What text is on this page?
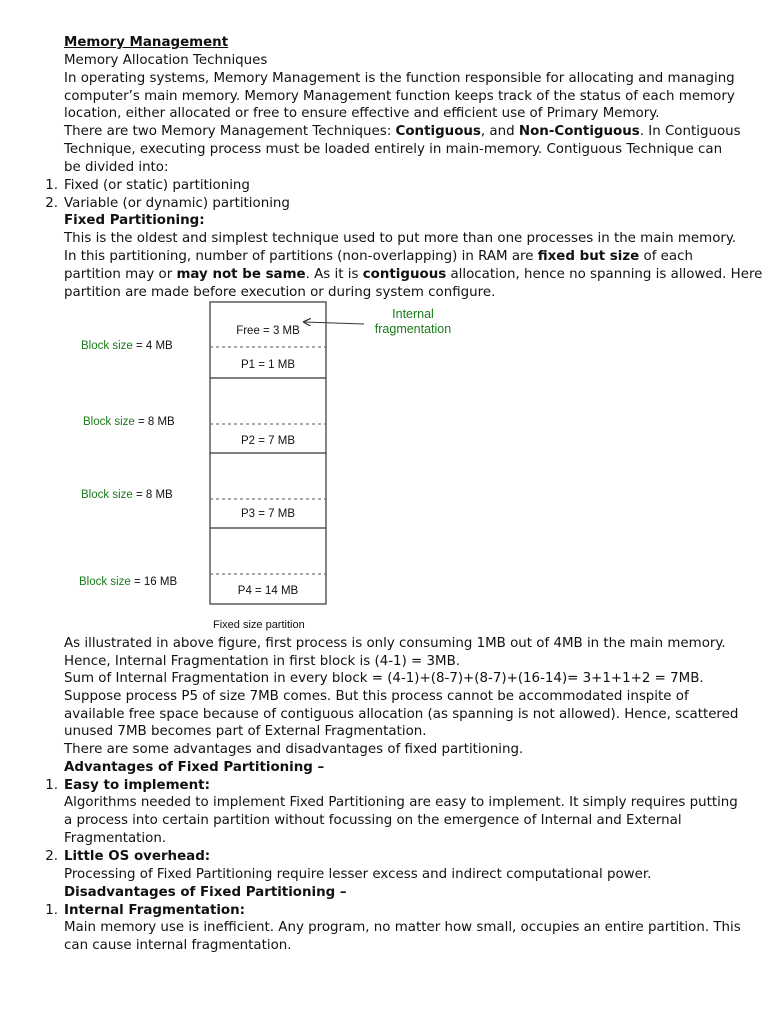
Memory Management
Memory Allocation Techniques
In operating systems, Memory Management is the function responsible for allocating and managing
computer’s main memory. Memory Management function keeps track of the status of each memory
location, either allocated or free to ensure effective and efficient use of Primary Memory.
There are two Memory Management Techniques: Contiguous, and Non-Contiguous. In Contiguous
Technique, executing process must be loaded entirely in main-memory. Contiguous Technique can
be divided into:
1. Fixed (or static) partitioning
2. Variable (or dynamic) partitioning
Fixed Partitioning:
This is the oldest and simplest technique used to put more than one processes in the main memory.
In this partitioning, number of partitions (non-overlapping) in RAM are fixed but size of each
partition may or may not be same. As it is contiguous allocation, hence no spanning is allowed. Here
partition are made before execution or during system configure.
Free = 3 MB
P1 = 1 MB
P2 = 7 MB
P3 = 7 MB
P4 = 14 MB
Block size = 4 MB
Block size = 8 MB
Block size = 8 MB
Block size = 16 MB
Internal
fragmentation
Fixed size partition
As illustrated in above figure, first process is only consuming 1MB out of 4MB in the main memory.
Hence, Internal Fragmentation in first block is (4-1) = 3MB.
Sum of Internal Fragmentation in every block = (4-1)+(8-7)+(8-7)+(16-14)= 3+1+1+2 = 7MB.
Suppose process P5 of size 7MB comes. But this process cannot be accommodated inspite of
available free space because of contiguous allocation (as spanning is not allowed). Hence, scattered
unused 7MB becomes part of External Fragmentation.
There are some advantages and disadvantages of fixed partitioning.
Advantages of Fixed Partitioning –
1. Easy to implement:
Algorithms needed to implement Fixed Partitioning are easy to implement. It simply requires putting
a process into certain partition without focussing on the emergence of Internal and External
Fragmentation.
2. Little OS overhead:
Processing of Fixed Partitioning require lesser excess and indirect computational power.
Disadvantages of Fixed Partitioning –
1. Internal Fragmentation:
Main memory use is inefficient. Any program, no matter how small, occupies an entire partition. This
can cause internal fragmentation.
